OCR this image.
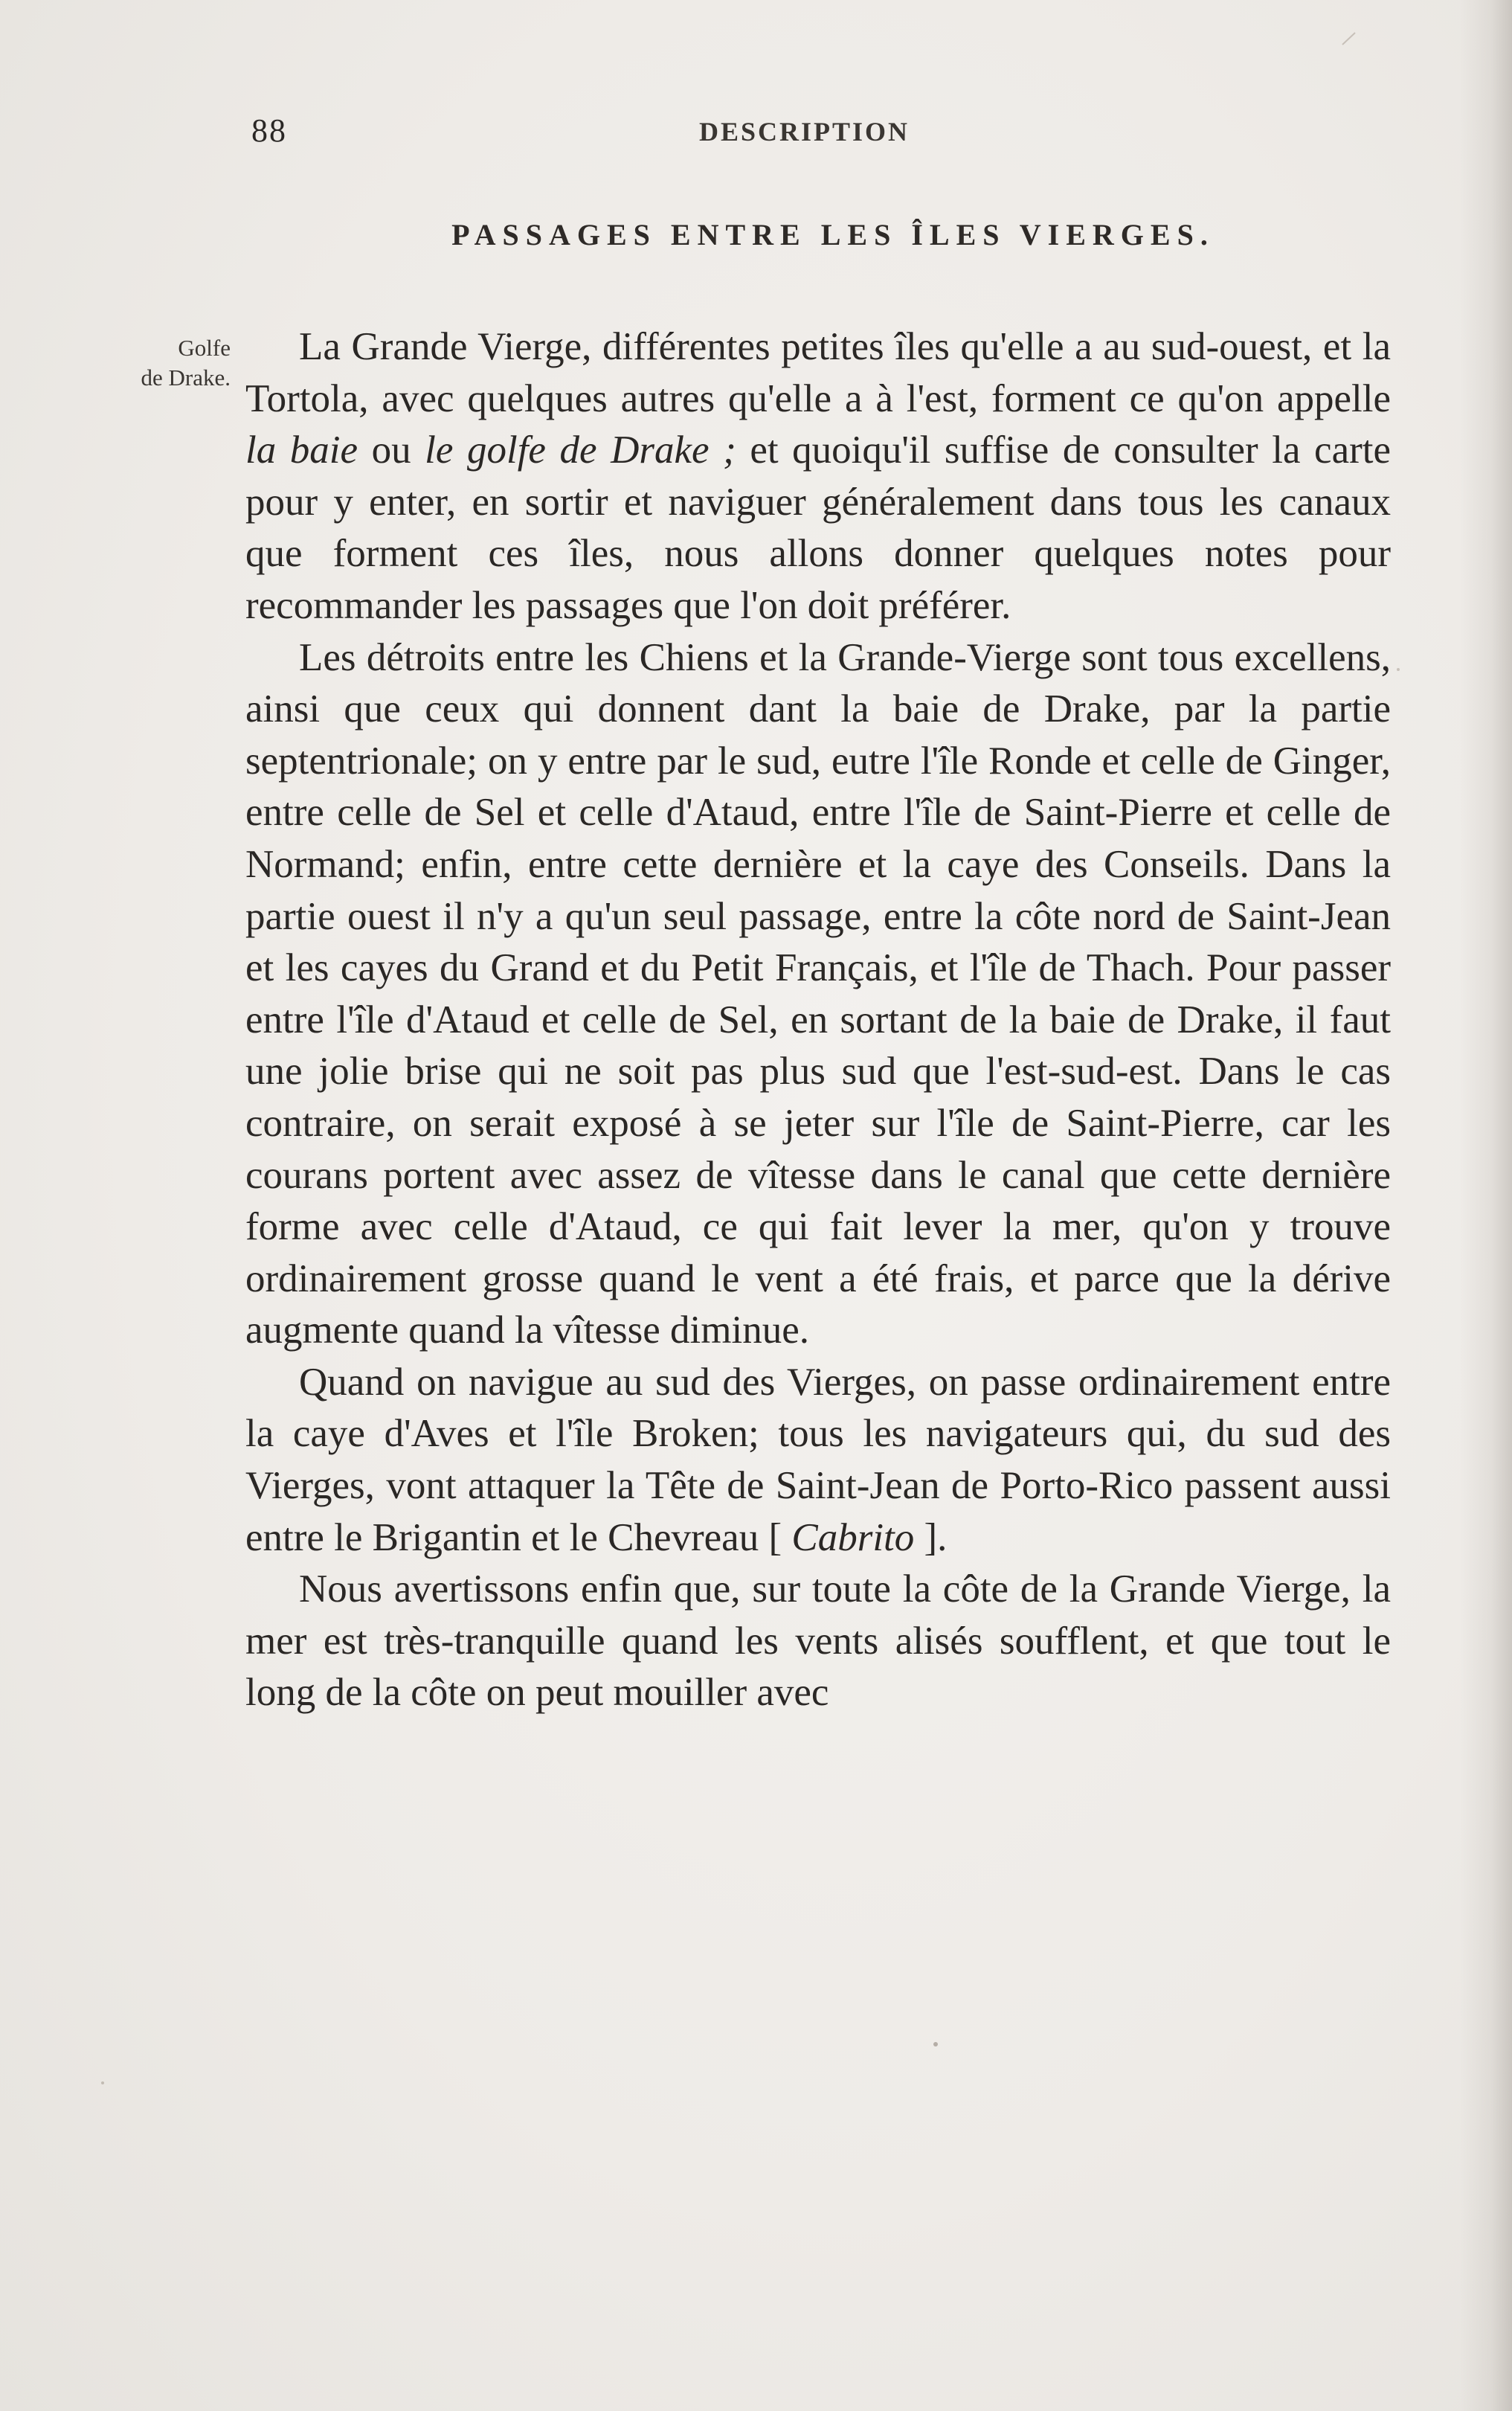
88	DESCRIPTION
PASSAGES ENTRE LES ÎLES VIERGES.
Golfe
de Drake.

La Grande Vierge, différentes petites îles qu'elle a au sud-ouest, et la Tortola, avec quelques autres qu'elle a à l'est, forment ce qu'on appelle la baie ou le golfe de Drake ; et quoiqu'il suffise de consulter la carte pour y enter, en sortir et naviguer généralement dans tous les canaux que forment ces îles, nous allons donner quelques notes pour recommander les passages que l'on doit préférer.

Les détroits entre les Chiens et la Grande-Vierge sont tous excellens, ainsi que ceux qui donnent dant la baie de Drake, par la partie septentrionale; on y entre par le sud, eutre l'île Ronde et celle de Ginger, entre celle de Sel et celle d'Ataud, entre l'île de Saint-Pierre et celle de Normand; enfin, entre cette dernière et la caye des Conseils. Dans la partie ouest il n'y a qu'un seul passage, entre la côte nord de Saint-Jean et les cayes du Grand et du Petit Français, et l'île de Thach. Pour passer entre l'île d'Ataud et celle de Sel, en sortant de la baie de Drake, il faut une jolie brise qui ne soit pas plus sud que l'est-sud-est. Dans le cas contraire, on serait exposé à se jeter sur l'île de Saint-Pierre, car les courans portent avec assez de vîtesse dans le canal que cette dernière forme avec celle d'Ataud, ce qui fait lever la mer, qu'on y trouve ordinairement grosse quand le vent a été frais, et parce que la dérive augmente quand la vîtesse diminue.

Quand on navigue au sud des Vierges, on passe ordinairement entre la caye d'Aves et l'île Broken; tous les navigateurs qui, du sud des Vierges, vont attaquer la Tête de Saint-Jean de Porto-Rico passent aussi entre le Brigantin et le Chevreau [ Cabrito ].

Nous avertissons enfin que, sur toute la côte de la Grande Vierge, la mer est très-tranquille quand les vents alisés soufflent, et que tout le long de la côte on peut mouiller avec
